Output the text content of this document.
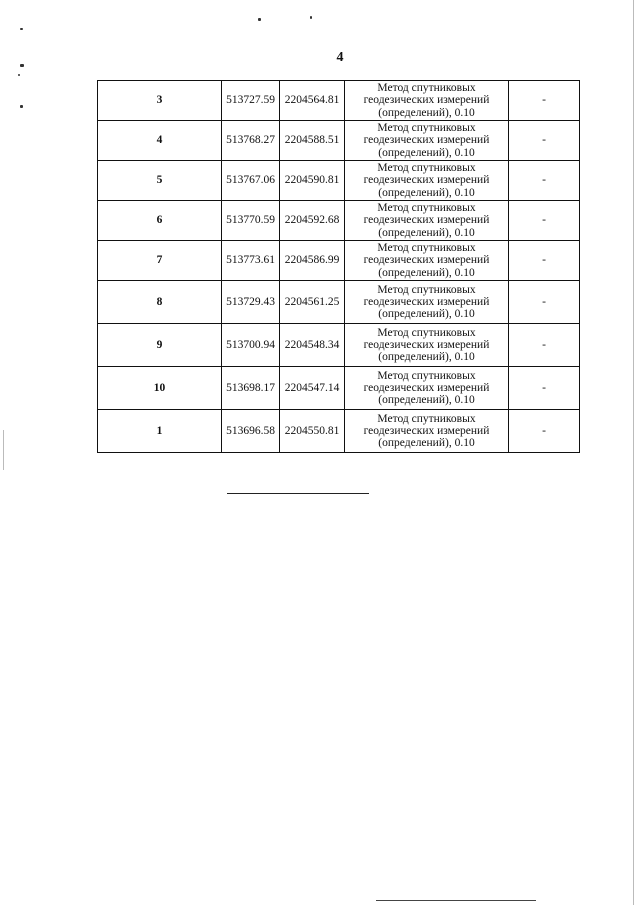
4
3	513727.59	2204564.81	Метод спутниковых
геодезических измерений
(определений), 0.10	-
4	513768.27	2204588.51	Метод спутниковых
геодезических измерений
(определений), 0.10	-
5	513767.06	2204590.81	Метод спутниковых
геодезических измерений
(определений), 0.10	-
6	513770.59	2204592.68	Метод спутниковых
геодезических измерений
(определений), 0.10	-
7	513773.61	2204586.99	Метод спутниковых
геодезических измерений
(определений), 0.10	-
8	513729.43	2204561.25	Метод спутниковых
геодезических измерений
(определений), 0.10	-
9	513700.94	2204548.34	Метод спутниковых
геодезических измерений
(определений), 0.10	-
10	513698.17	2204547.14	Метод спутниковых
геодезических измерений
(определений), 0.10	-
1	513696.58	2204550.81	Метод спутниковых
геодезических измерений
(определений), 0.10	-
